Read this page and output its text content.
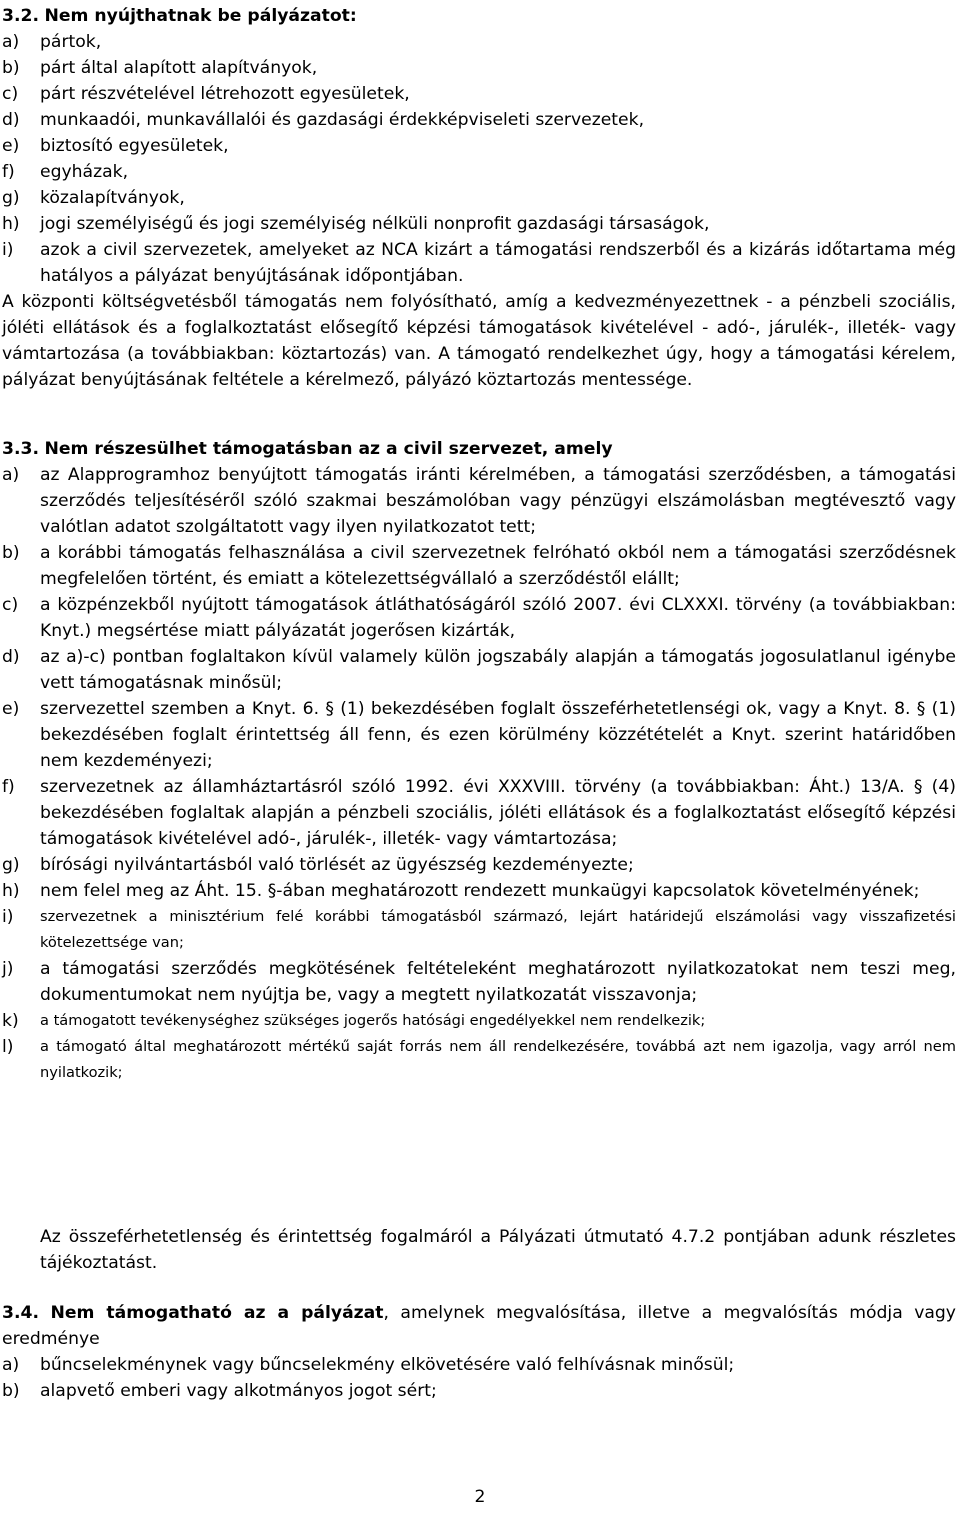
3.2. Nem nyújthatnak be pályázatot:

a)	pártok,
b)	párt által alapított alapítványok,
c)	párt részvételével létrehozott egyesületek,
d)	munkaadói, munkavállalói és gazdasági érdekképviseleti szervezetek,
e)	biztosító egyesületek,
f)	egyházak,
g)	közalapítványok,
h)	jogi személyiségű és jogi személyiség nélküli nonprofit gazdasági társaságok,
i)	azok a civil szervezetek, amelyeket az NCA kizárt a támogatási rendszerből és a kizárás időtartama még hatályos a pályázat benyújtásának időpontjában.

A központi költségvetésből támogatás nem folyósítható, amíg a kedvezményezettnek - a pénzbeli szociális, jóléti ellátások és a foglalkoztatást elősegítő képzési támogatások kivételével - adó-, járulék-, illeték- vagy vámtartozása (a továbbiakban: köztartozás) van. A támogató rendelkezhet úgy, hogy a támogatási kérelem, pályázat benyújtásának feltétele a kérelmező, pályázó köztartozás mentessége.

3.3. Nem részesülhet támogatásban az a civil szervezet, amely

a)	az Alapprogramhoz benyújtott támogatás iránti kérelmében, a támogatási szerződésben, a támogatási szerződés teljesítéséről szóló szakmai beszámolóban vagy pénzügyi elszámolásban megtévesztő vagy valótlan adatot szolgáltatott vagy ilyen nyilatkozatot tett;
b)	a korábbi támogatás felhasználása a civil szervezetnek felróható okból nem a támogatási szerződésnek megfelelően történt, és emiatt a kötelezettségvállaló a szerződéstől elállt;
c)	a közpénzekből nyújtott támogatások átláthatóságáról szóló 2007. évi CLXXXI. törvény (a továbbiakban: Knyt.) megsértése miatt pályázatát jogerősen kizárták,
d)	az a)-c) pontban foglaltakon kívül valamely külön jogszabály alapján a támogatás jogosulatlanul igénybe vett támogatásnak minősül;
e)	szervezettel szemben a Knyt. 6. § (1) bekezdésében foglalt összeférhetetlenségi ok, vagy a Knyt. 8. § (1) bekezdésében foglalt érintettség áll fenn, és ezen körülmény közzétételét a Knyt. szerint határidőben nem kezdeményezi;
f)	szervezetnek az államháztartásról szóló 1992. évi XXXVIII. törvény (a továbbiakban: Áht.) 13/A. § (4) bekezdésében foglaltak alapján a pénzbeli szociális, jóléti ellátások és a foglalkoztatást elősegítő képzési támogatások kivételével adó-, járulék-, illeték- vagy vámtartozása;
g)	bírósági nyilvántartásból való törlését az ügyészség kezdeményezte;
h)	nem felel meg az Áht. 15. §-ában meghatározott rendezett munkaügyi kapcsolatok követelményének;
i)	szervezetnek a minisztérium felé korábbi támogatásból származó, lejárt határidejű elszámolási vagy visszafizetési kötelezettsége van;
j)	a támogatási szerződés megkötésének feltételeként meghatározott nyilatkozatokat nem teszi meg, dokumentumokat nem nyújtja be, vagy a megtett nyilatkozatát visszavonja;
k)	a támogatott tevékenységhez szükséges jogerős hatósági engedélyekkel nem rendelkezik;
l)	a támogató által meghatározott mértékű saját forrás nem áll rendelkezésére, továbbá azt nem igazolja, vagy arról nem nyilatkozik;

Az összeférhetetlenség és érintettség fogalmáról a Pályázati útmutató 4.7.2 pontjában adunk részletes tájékoztatást.

3.4. Nem támogatható az a pályázat, amelynek megvalósítása, illetve a megvalósítás módja vagy eredménye

a)	bűncselekménynek vagy bűncselekmény elkövetésére való felhívásnak minősül;
b)	alapvető emberi vagy alkotmányos jogot sért;
2
